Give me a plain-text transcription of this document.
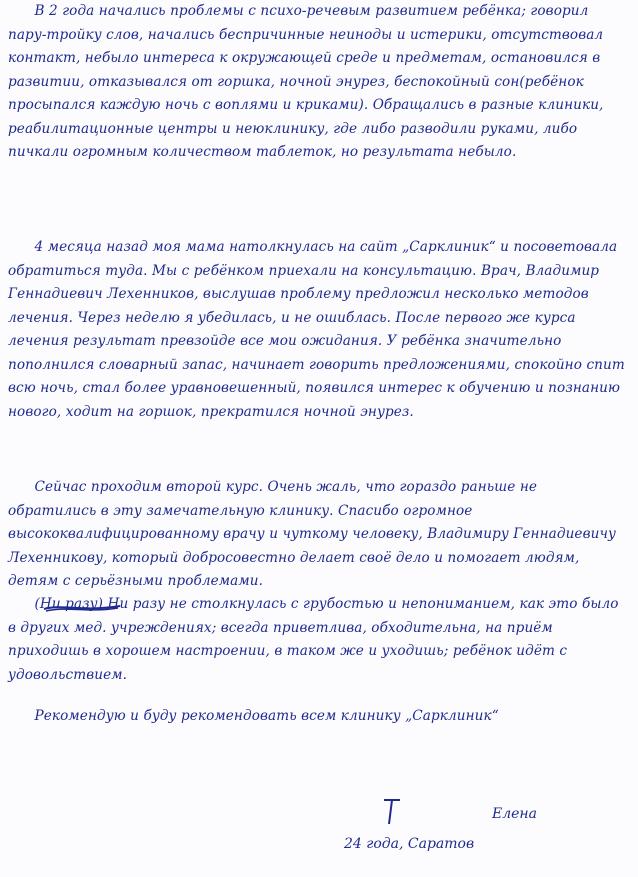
В 2 года начались проблемы с психо-речевым развитием ребёнка; говорил пару-тройку слов, начались беспричинные неиноды и истерики, отсутствовал контакт, небыло интереса к окружающей среде и предметам, остановился в развитии, отказывался от горшка, ночной энурез, беспокойный сон(ребёнок просыпался каждую ночь с воплями и криками). Обращались в разные клиники, реабилитационные центры и неюклинику, где либо разводили руками, либо пичкали огромным количеством таблеток, но результата небыло.

4 месяца назад моя мама натолкнулась на сайт „Сарклиник“ и посоветовала обратиться туда. Мы с ребёнком приехали на консультацию. Врач, Владимир Геннадиевич Лехенников, выслушав проблему предложил несколько методов лечения. Через неделю я убедилась, и не ошиблась. После первого же курса лечения результат превзойде все мои ожидания. У ребёнка значительно пополнился словарный запас, начинает говорить предложениями, спокойно спит всю ночь, стал более уравновешенный, появился интерес к обучению и познанию нового, ходит на горшок, прекратился ночной энурез.

Сейчас проходим второй курс. Очень жаль, что гораздо раньше не обратились в эту замечательную клинику. Спасибо огромное высококвалифицированному врачу и чуткому человеку, Владимиру Геннадиевичу Лехенникову, который добросовестно делает своё дело и помогает людям, детям с серьёзными проблемами.

(Ни разу) Ни разу не столкнулась с грубостью и непониманием, как это было в других мед. учреждениях; всегда приветлива, обходительна, на приём приходишь в хорошем настроении, в таком же и уходишь; ребёнок идёт с удовольствием.

Рекомендую и буду рекомендовать всем клинику „Сарклиник“

Елена
24 года, Саратов
